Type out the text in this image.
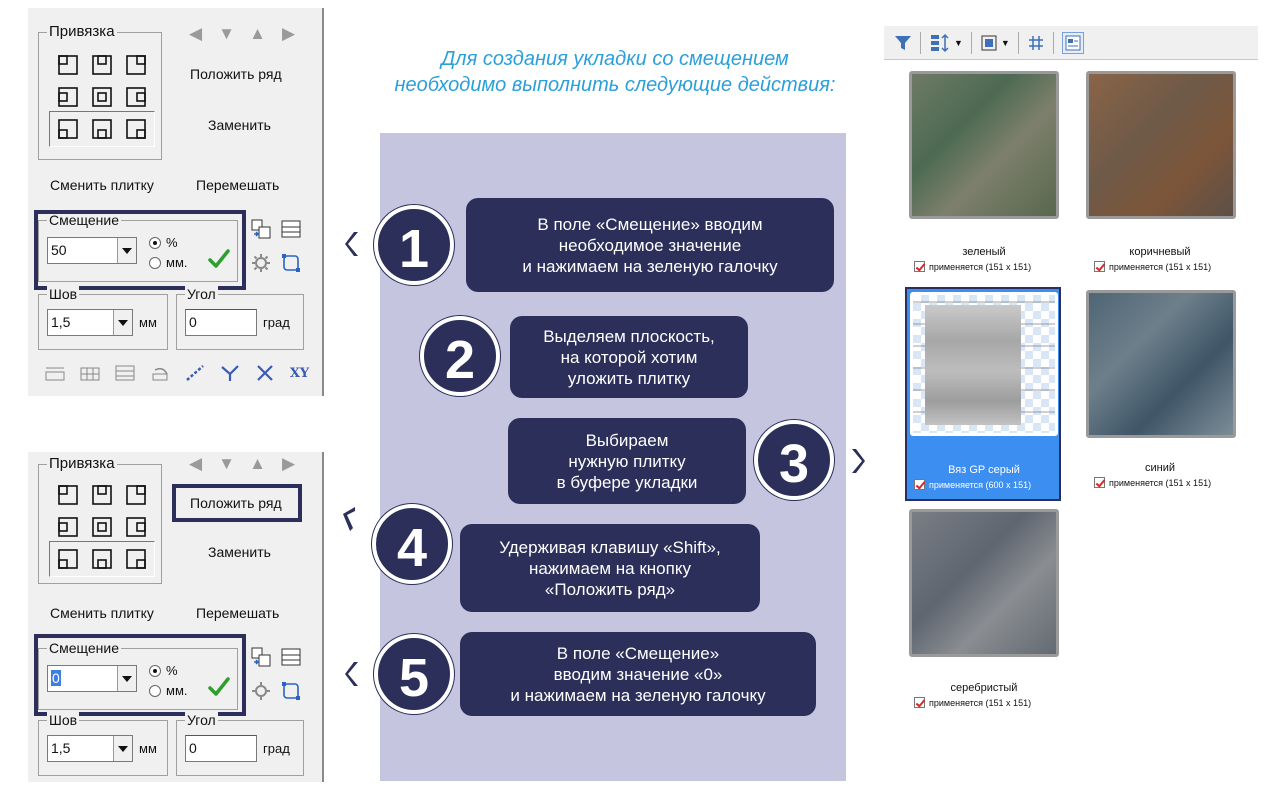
Привязка	◀ ▼ ▲ ▶
Положить ряд
Заменить
Сменить плитку	Перемешать
Смещение
50	%
мм.
Шов
1,5	мм
Угол
0	град
XY
Привязка	◀ ▼ ▲ ▶
Положить ряд
Заменить
Сменить плитку	Перемешать
Смещение
0	%
мм.
Шов
1,5	мм
Угол
0	град
Для создания укладки со смещением
необходимо выполнить следующие действия:
1	В поле «Смещение» вводим
необходимое значение
и нажимаем на зеленую галочку
2	Выделяем плоскость,
на которой хотим
уложить плитку
Выбираем
нужную плитку
в буфере укладки	3
4	Удерживая клавишу «Shift»,
нажимаем на кнопку
«Положить ряд»
5	В поле «Смещение»
вводим значение «0»
и нажимаем на зеленую галочку
▼	▼
зеленый
применяется (151 x 151)
коричневый
применяется (151 x 151)
Вяз GP серый
применяется (600 x 151)
синий
применяется (151 x 151)
серебристый
применяется (151 x 151)
